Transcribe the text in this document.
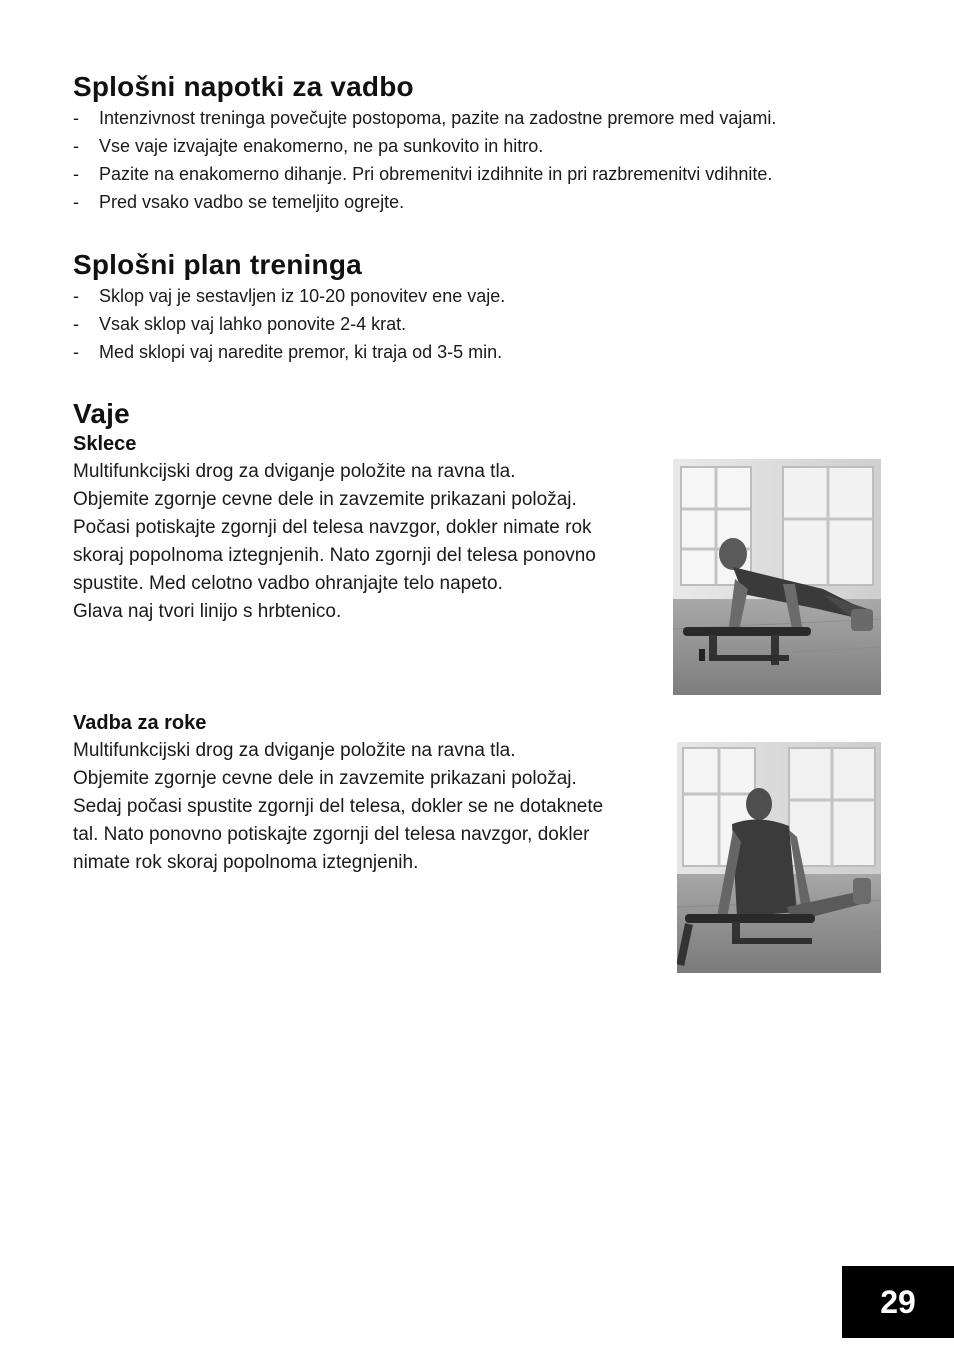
Splošni napotki za vadbo
- Intenzivnost treninga povečujte postopoma, pazite na zadostne premore med vajami.
- Vse vaje izvajajte enakomerno, ne pa sunkovito in hitro.
- Pazite na enakomerno dihanje. Pri obremenitvi izdihnite in pri razbremenitvi vdihnite.
- Pred vsako vadbo se temeljito ogrejte.
Splošni plan treninga
- Sklop vaj je sestavljen iz 10-20 ponovitev ene vaje.
- Vsak sklop vaj lahko ponovite 2-4 krat.
- Med sklopi vaj naredite premor, ki traja od 3-5 min.
Vaje
Sklece

Multifunkcijski drog za dviganje položite na ravna tla.
Objemite zgornje cevne dele in zavzemite prikazani položaj.
Počasi potiskajte zgornji del telesa navzgor, dokler nimate rok
skoraj popolnoma iztegnjenih. Nato zgornji del telesa ponovno
spustite. Med celotno vadbo ohranjajte telo napeto.
Glava naj tvori linijo s hrbtenico.

Vadba za roke

Multifunkcijski drog za dviganje položite na ravna tla.
Objemite zgornje cevne dele in zavzemite prikazani položaj.
Sedaj počasi spustite zgornji del telesa, dokler se ne dotaknete
tal. Nato ponovno potiskajte zgornji del telesa navzgor, dokler
nimate rok skoraj popolnoma iztegnjenih.

29
